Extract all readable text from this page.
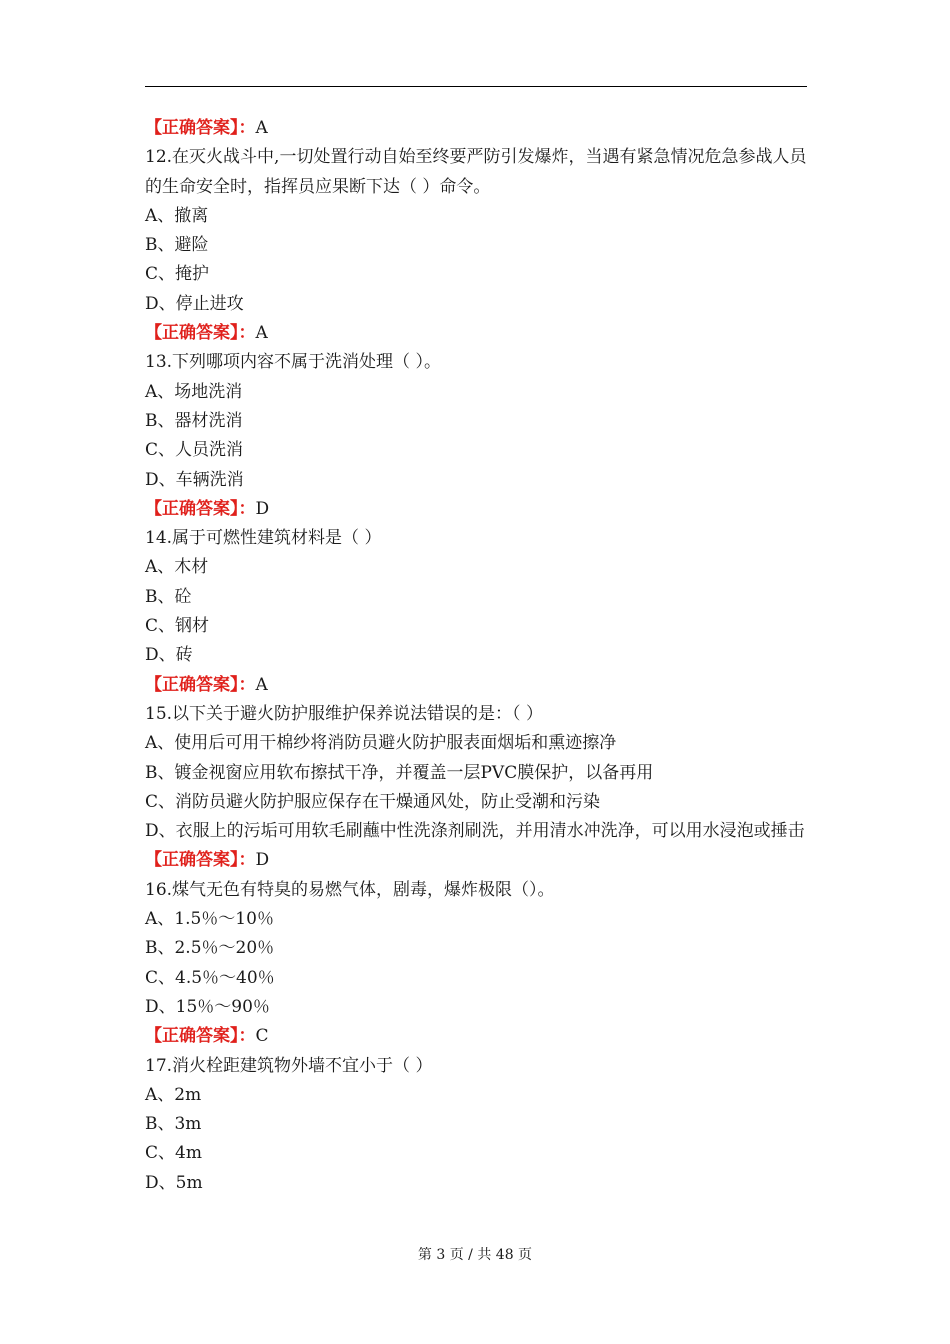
【正确答案】：A
12.在灭火战斗中,一切处置行动自始至终要严防引发爆炸，当遇有紧急情况危急参战人员的生命安全时，指挥员应果断下达（ ）命令。
A、撤离
B、避险
C、掩护
D、停止进攻
【正确答案】：A
13.下列哪项内容不属于洗消处理（ ）。
A、场地洗消
B、器材洗消
C、人员洗消
D、车辆洗消
【正确答案】：D
14.属于可燃性建筑材料是（ ）
A、木材
B、砼
C、钢材
D、砖
【正确答案】：A
15.以下关于避火防护服维护保养说法错误的是：（ ）
A、使用后可用干棉纱将消防员避火防护服表面烟垢和熏迹擦净
B、镀金视窗应用软布擦拭干净，并覆盖一层PVC膜保护，以备再用
C、消防员避火防护服应保存在干燥通风处，防止受潮和污染
D、衣服上的污垢可用软毛刷蘸中性洗涤剂刷洗，并用清水冲洗净，可以用水浸泡或捶击
【正确答案】：D
16.煤气无色有特臭的易燃气体，剧毒，爆炸极限（）。
A、1.5％～10％
B、2.5％～20％
C、4.5％～40％
D、15％～90％
【正确答案】：C
17.消火栓距建筑物外墙不宜小于（ ）
A、2m
B、3m
C、4m
D、5m
第 3 页 / 共 48 页
